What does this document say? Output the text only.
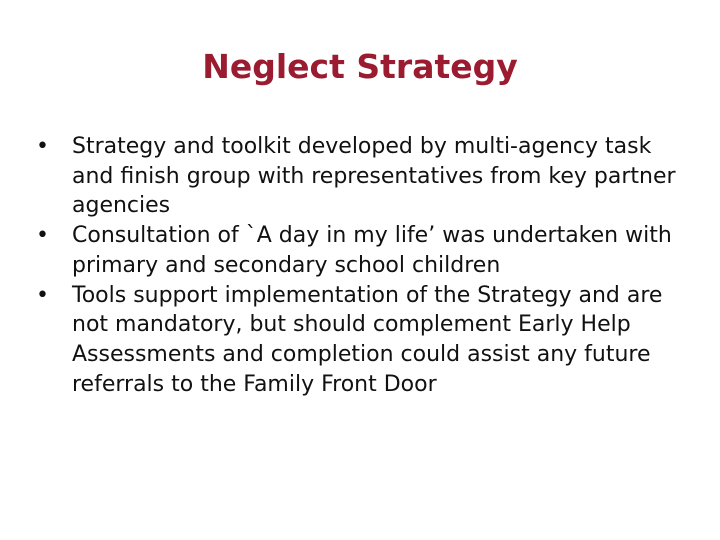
Neglect Strategy
• Strategy and toolkit developed by multi-agency task and finish group with representatives from key partner agencies
• Consultation of `A day in my life’ was undertaken with primary and secondary school children
• Tools support implementation of the Strategy and are not mandatory, but should complement Early Help Assessments and completion could assist any future referrals to the Family Front Door
